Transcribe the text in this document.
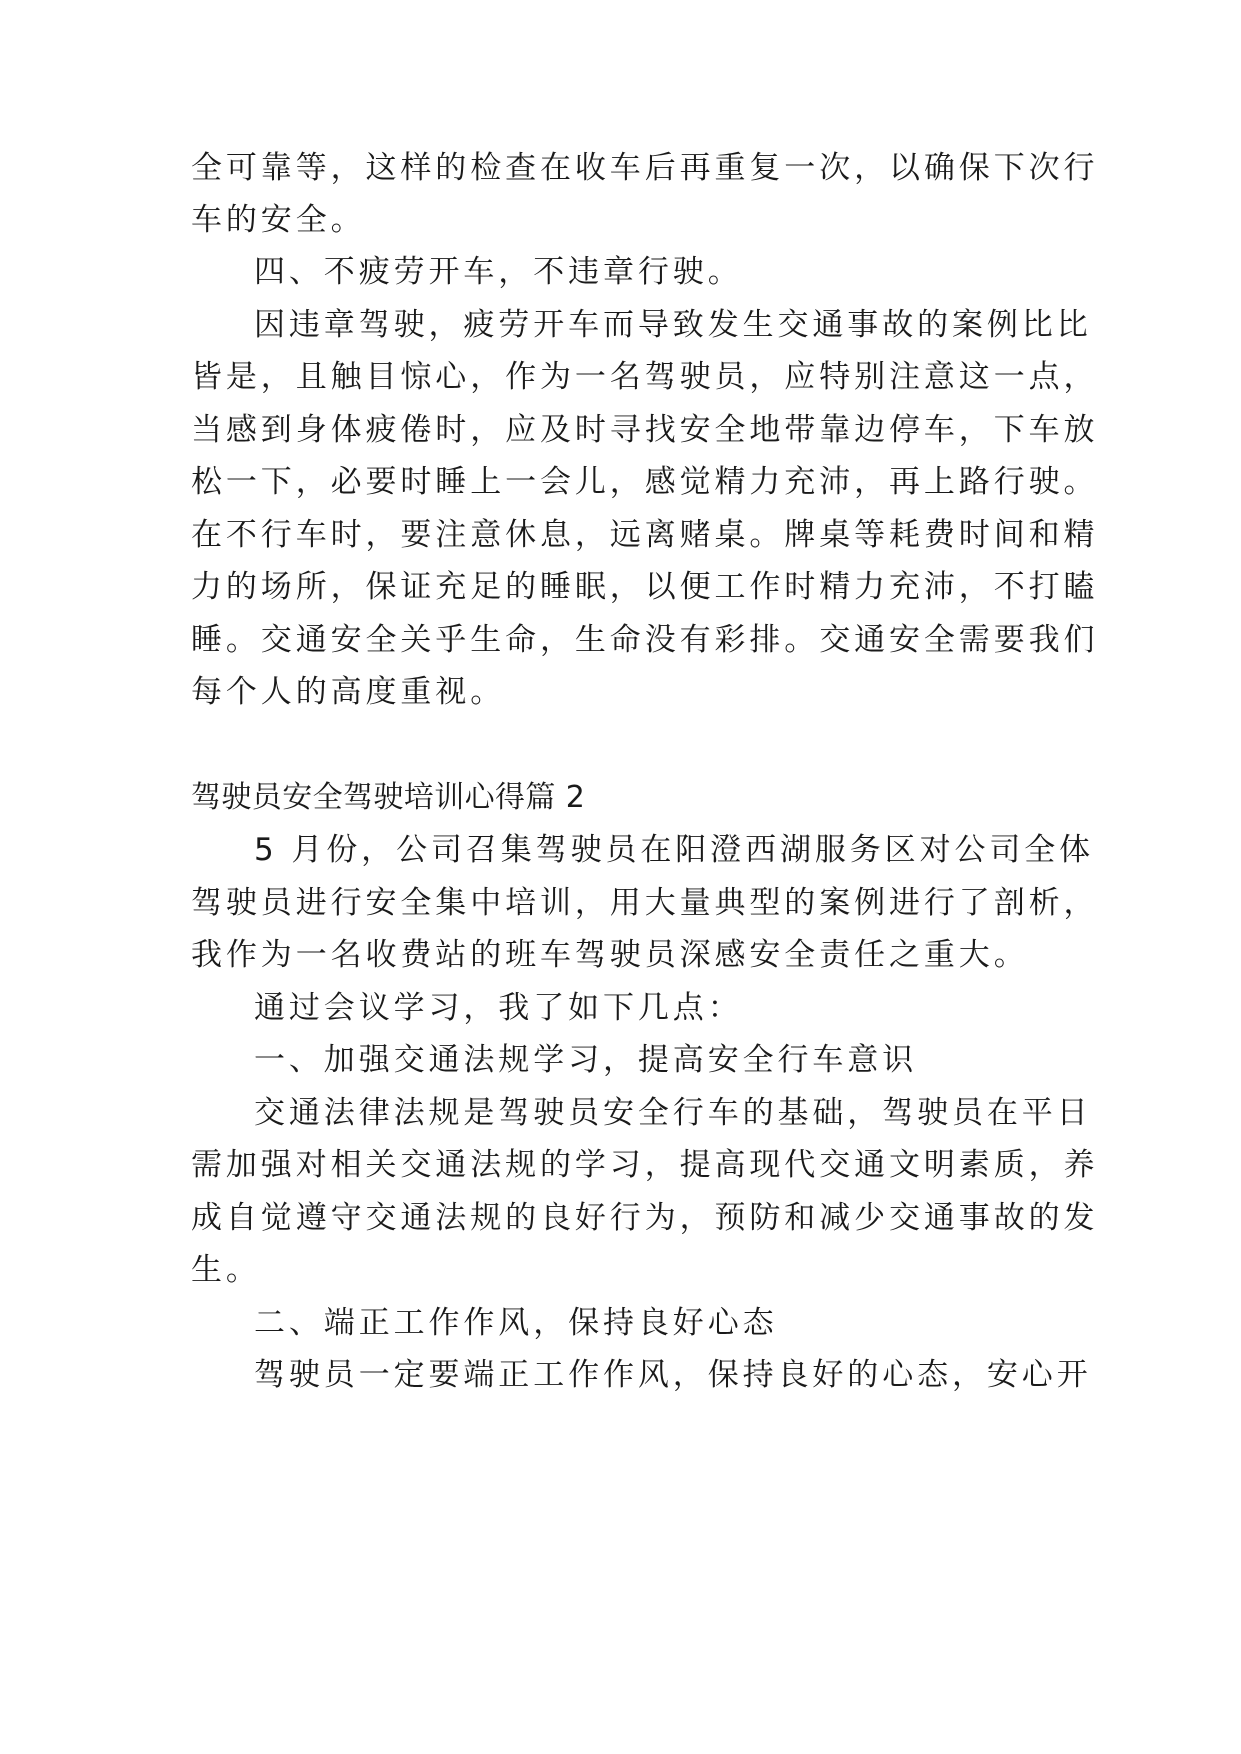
全可靠等，这样的检查在收车后再重复一次，以确保下次行
车的安全。
四、不疲劳开车，不违章行驶。
因违章驾驶，疲劳开车而导致发生交通事故的案例比比
皆是，且触目惊心，作为一名驾驶员，应特别注意这一点，
当感到身体疲倦时，应及时寻找安全地带靠边停车，下车放
松一下，必要时睡上一会儿，感觉精力充沛，再上路行驶。
在不行车时，要注意休息，远离赌桌。牌桌等耗费时间和精
力的场所，保证充足的睡眠，以便工作时精力充沛，不打瞌
睡。交通安全关乎生命，生命没有彩排。交通安全需要我们
每个人的高度重视。
驾驶员安全驾驶培训心得篇 2
5 月份，公司召集驾驶员在阳澄西湖服务区对公司全体
驾驶员进行安全集中培训，用大量典型的案例进行了剖析，
我作为一名收费站的班车驾驶员深感安全责任之重大。
通过会议学习，我了如下几点：
一、加强交通法规学习，提高安全行车意识
交通法律法规是驾驶员安全行车的基础，驾驶员在平日
需加强对相关交通法规的学习，提高现代交通文明素质，养
成自觉遵守交通法规的良好行为，预防和减少交通事故的发
生。
二、端正工作作风，保持良好心态
驾驶员一定要端正工作作风，保持良好的心态，安心开
